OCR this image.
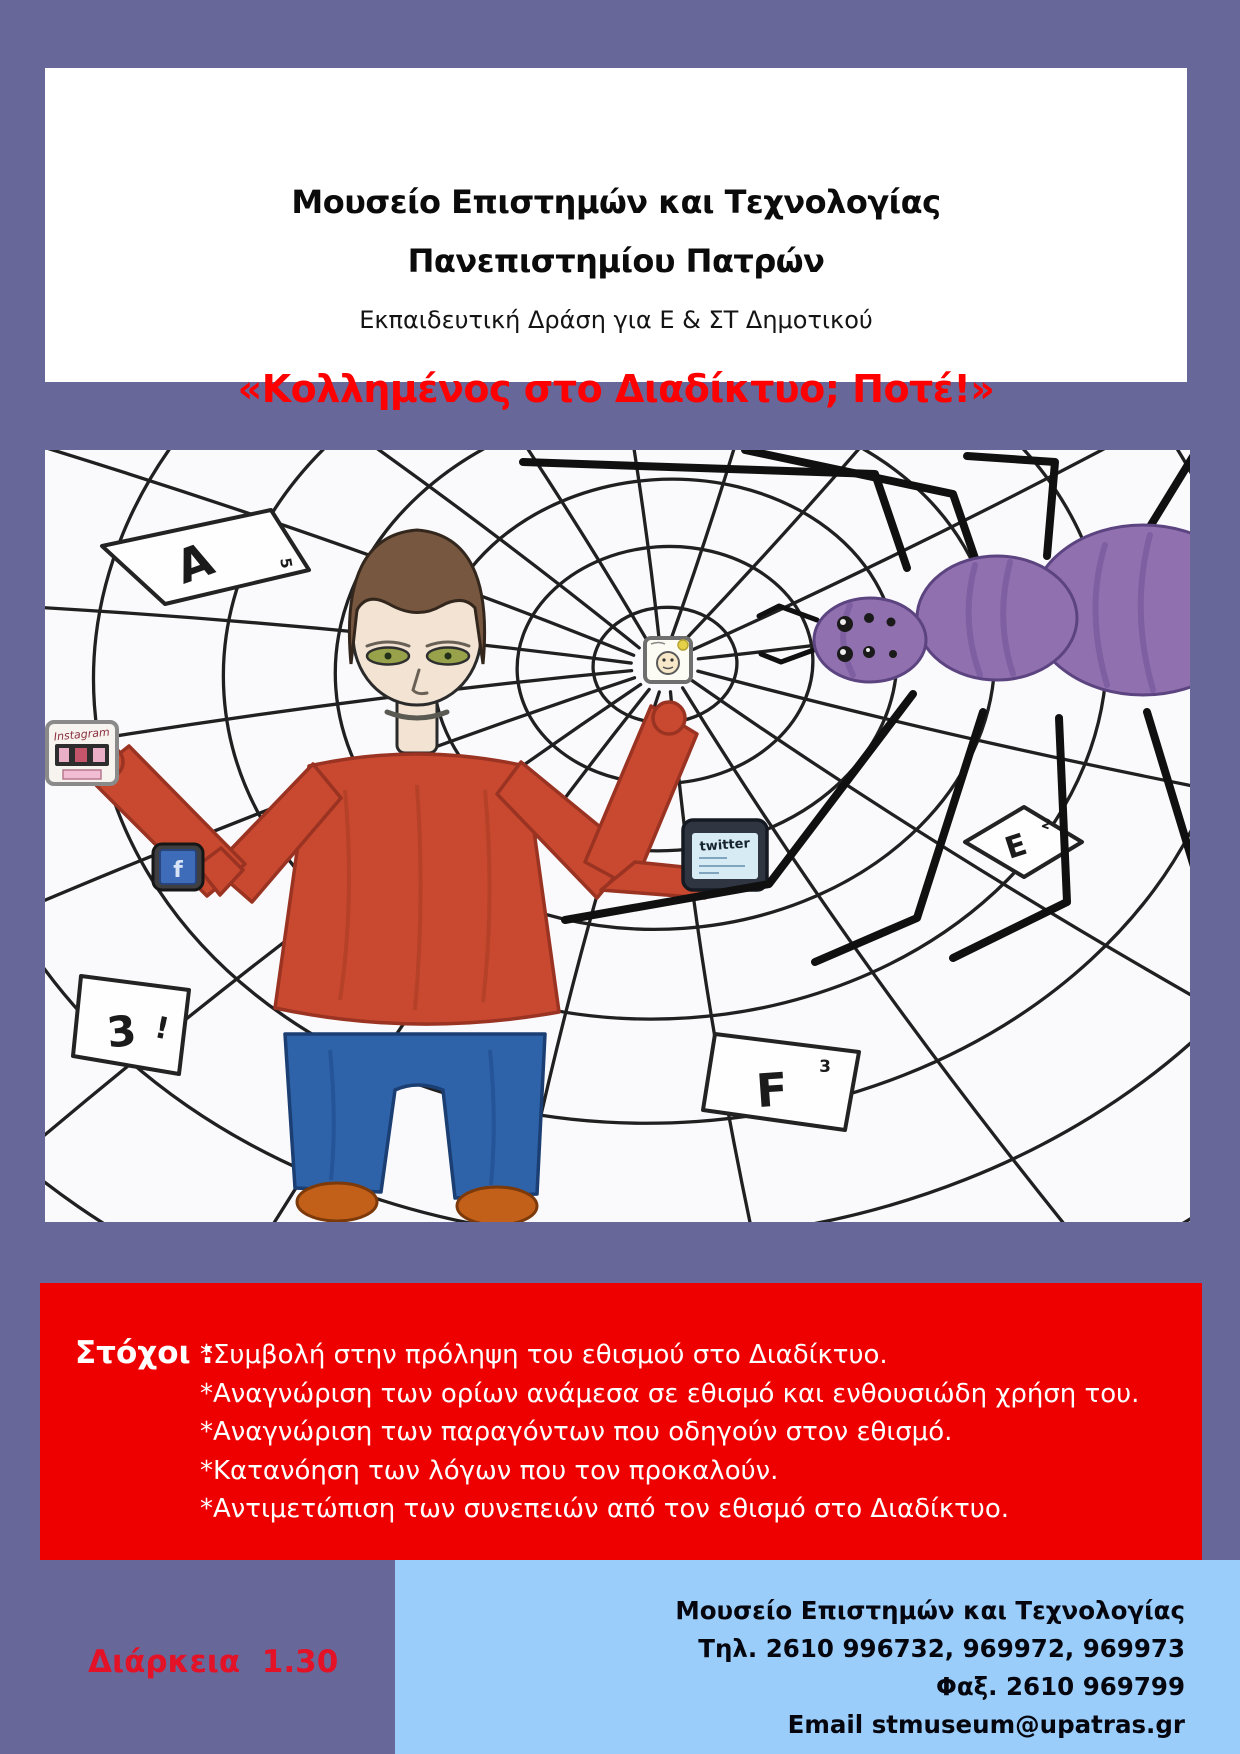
Μουσείο Επιστημών και Τεχνολογίας
Πανεπιστημίου Πατρών
Εκπαιδευτική Δράση για Ε & ΣΤ Δημοτικού
«Κολλημένος στο Διαδίκτυο; Ποτέ!»
A	5
3 !
F 3
E
2
Instagram
f
twitter
Στόχοι :
*Συμβολή στην πρόληψη του εθισμού στο Διαδίκτυο.
*Αναγνώριση των ορίων ανάμεσα σε εθισμό και ενθουσιώδη χρήση του.
*Αναγνώριση των παραγόντων που οδηγούν στον εθισμό.
*Κατανόηση των λόγων που τον προκαλούν.
*Αντιμετώπιση των συνεπειών από τον εθισμό στο Διαδίκτυο.
Διάρκεια  1.30
Μουσείο Επιστημών και Τεχνολογίας
Τηλ. 2610 996732, 969972, 969973
Φαξ. 2610 969799
Email stmuseum@upatras.gr
